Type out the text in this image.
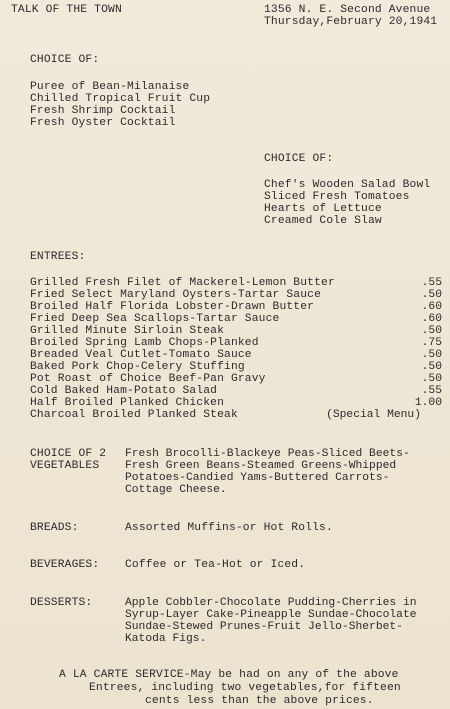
TALK OF THE TOWN	1356 N. E. Second Avenue
Thursday,February 20,1941
CHOICE OF:
Puree of Bean-Milanaise
Chilled Tropical Fruit Cup
Fresh Shrimp Cocktail
Fresh Oyster Cocktail
CHOICE OF:
Chef's Wooden Salad Bowl
Sliced Fresh Tomatoes
Hearts of Lettuce
Creamed Cole Slaw
ENTREES:
Grilled Fresh Filet of Mackerel-Lemon Butter	.55
Fried Select Maryland Oysters-Tartar Sauce	.50
Broiled Half Florida Lobster-Drawn Butter	.60
Fried Deep Sea Scallops-Tartar Sauce	.60
Grilled Minute Sirloin Steak	.50
Broiled Spring Lamb Chops-Planked	.75
Breaded Veal Cutlet-Tomato Sauce	.50
Baked Pork Chop-Celery Stuffing	.50
Pot Roast of Choice Beef-Pan Gravy	.50
Cold Baked Ham-Potato Salad	.55
Half Broiled Planked Chicken	1.00
Charcoal Broiled Planked Steak	(Special Menu)
CHOICE OF 2
VEGETABLES
Fresh Brocolli-Blackeye Peas-Sliced Beets-
Fresh Green Beans-Steamed Greens-Whipped
Potatoes-Candied Yams-Buttered Carrots-
Cottage Cheese.
BREADS:	Assorted Muffins-or Hot Rolls.
BEVERAGES: Coffee or Tea-Hot or Iced.
DESSERTS:	Apple Cobbler-Chocolate Pudding-Cherries in
Syrup-Layer Cake-Pineapple Sundae-Chocolate
Sundae-Stewed Prunes-Fruit Jello-Sherbet-
Katoda Figs.
A LA CARTE SERVICE-May be had on any of the above
Entrees, including two vegetables,for fifteen
cents less than the above prices.
